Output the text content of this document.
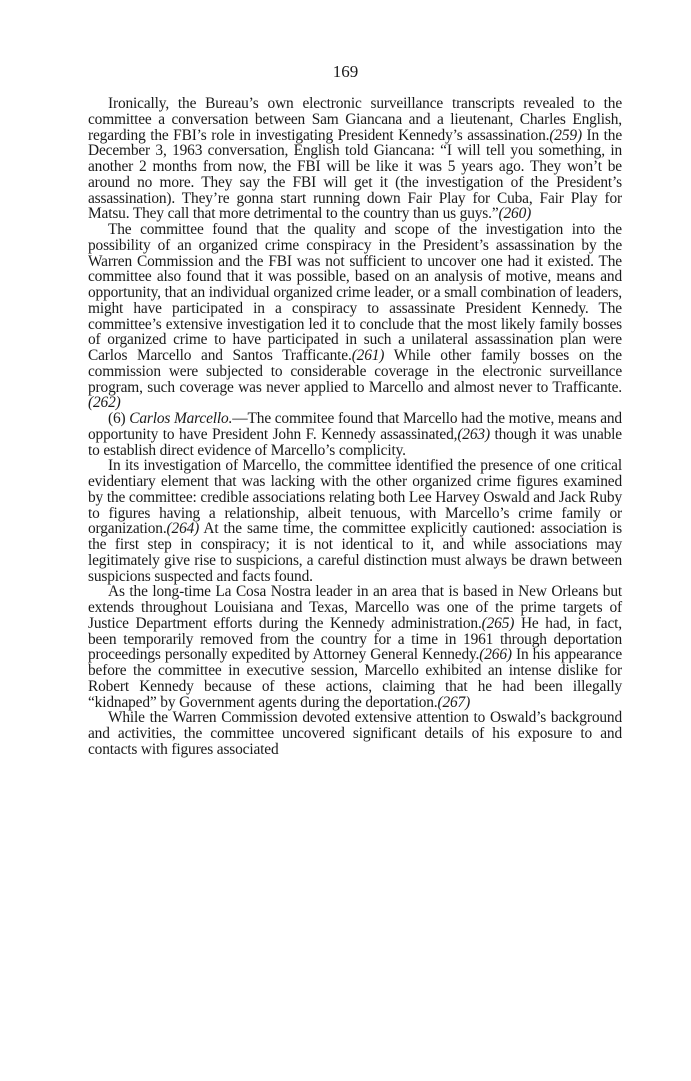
169

Ironically, the Bureau’s own electronic surveillance transcripts revealed to the committee a conversation between Sam Giancana and a lieutenant, Charles English, regarding the FBI’s role in investigating President Kennedy’s assassination.(259) In the December 3, 1963 conversation, English told Giancana: “I will tell you something, in another 2 months from now, the FBI will be like it was 5 years ago. They won’t be around no more. They say the FBI will get it (the investigation of the President’s assassination). They’re gonna start running down Fair Play for Cuba, Fair Play for Matsu. They call that more detrimental to the country than us guys.”(260)

The committee found that the quality and scope of the investigation into the possibility of an organized crime conspiracy in the President’s assassination by the Warren Commission and the FBI was not sufficient to uncover one had it existed. The committee also found that it was possible, based on an analysis of motive, means and opportunity, that an individual organized crime leader, or a small combination of leaders, might have participated in a conspiracy to assassinate President Kennedy. The committee’s extensive investigation led it to conclude that the most likely family bosses of organized crime to have participated in such a unilateral assassination plan were Carlos Marcello and Santos Trafficante.(261) While other family bosses on the commission were subjected to considerable coverage in the electronic surveillance program, such coverage was never applied to Marcello and almost never to Trafficante.(262)

(6) Carlos Marcello.—The commitee found that Marcello had the motive, means and opportunity to have President John F. Kennedy assassinated,(263) though it was unable to establish direct evidence of Marcello’s complicity.

In its investigation of Marcello, the committee identified the presence of one critical evidentiary element that was lacking with the other organized crime figures examined by the committee: credible associations relating both Lee Harvey Oswald and Jack Ruby to figures having a relationship, albeit tenuous, with Marcello’s crime family or organization.(264) At the same time, the committee explicitly cautioned: association is the first step in conspiracy; it is not identical to it, and while associations may legitimately give rise to suspicions, a careful distinction must always be drawn between suspicions suspected and facts found.

As the long-time La Cosa Nostra leader in an area that is based in New Orleans but extends throughout Louisiana and Texas, Marcello was one of the prime targets of Justice Department efforts during the Kennedy administration.(265) He had, in fact, been temporarily removed from the country for a time in 1961 through deportation proceedings personally expedited by Attorney General Kennedy.(266) In his appearance before the committee in executive session, Marcello exhibited an intense dislike for Robert Kennedy because of these actions, claiming that he had been illegally “kidnaped” by Government agents during the deportation.(267)

While the Warren Commission devoted extensive attention to Oswald’s background and activities, the committee uncovered significant details of his exposure to and contacts with figures associated
